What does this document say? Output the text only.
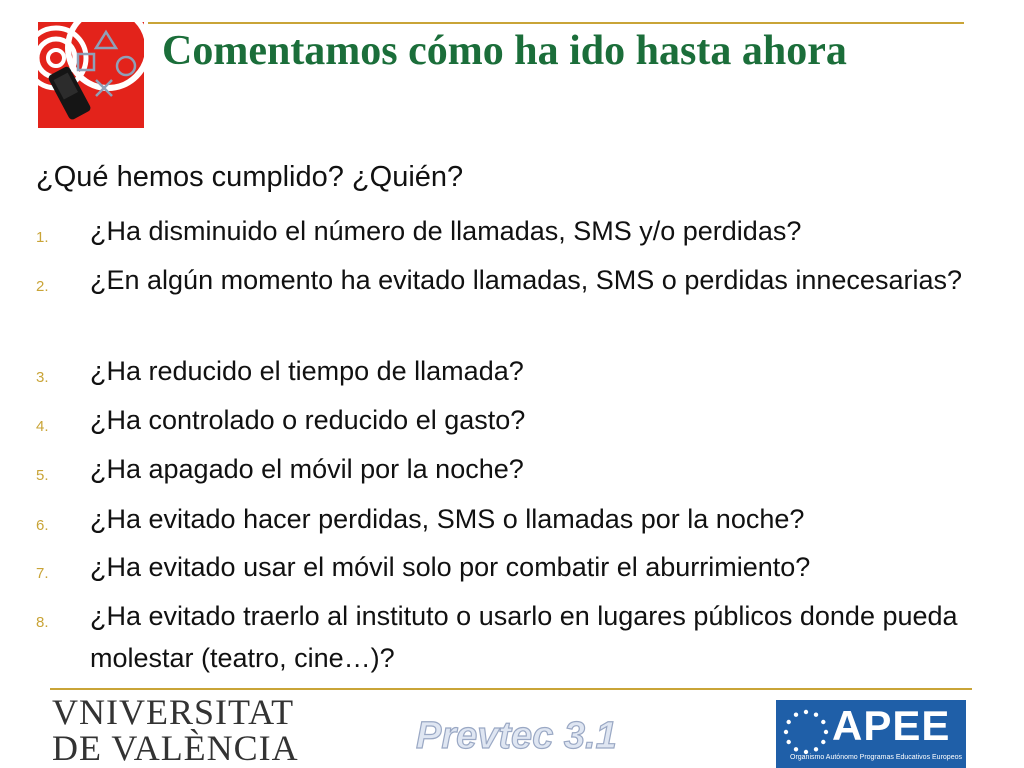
Comentamos cómo ha ido hasta ahora

¿Qué hemos cumplido? ¿Quién?

1. ¿Ha disminuido el número de llamadas, SMS y/o perdidas?
2. ¿En algún momento ha evitado llamadas, SMS o perdidas innecesarias?
3. ¿Ha reducido el tiempo de llamada?
4. ¿Ha controlado o reducido el gasto?
5. ¿Ha apagado el móvil por la noche?
6. ¿Ha evitado hacer perdidas, SMS o llamadas por la noche?
7. ¿Ha evitado usar el móvil solo por combatir el aburrimiento?
8. ¿Ha evitado traerlo al instituto o usarlo en lugares públicos donde pueda molestar (teatro, cine…)?
VNIVERSITAT
DE VALÈNCIA	Prevtec 3.1	APEE
Organismo Autónomo Programas Educativos Europeos
